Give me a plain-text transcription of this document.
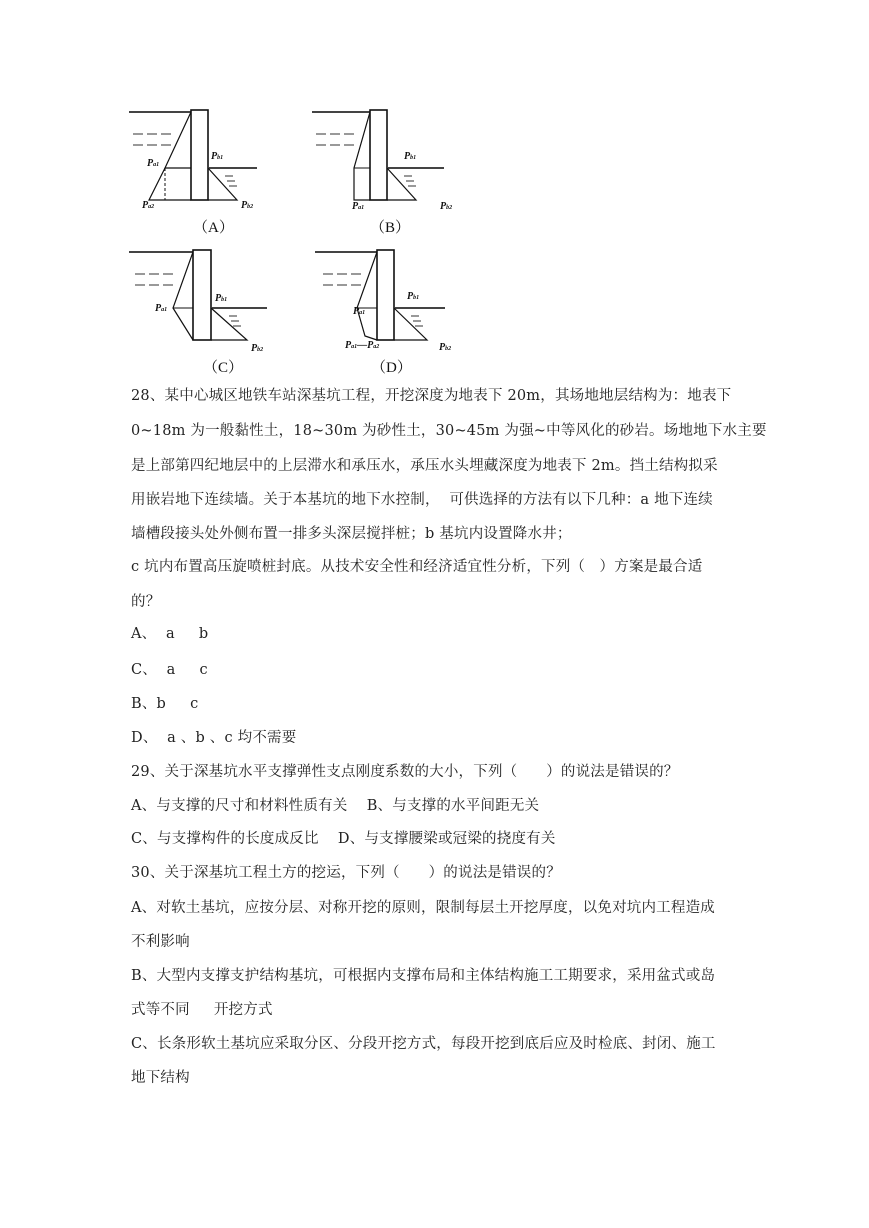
Pa1
Pa2
Pb1
Pb2
（A）
Pa1
Pb1
Pb2
（B）
Pa1
Pb1
Pb2
（C）
Pa1
Pa1—Pa2
Pb1
Pb2
（D）
28、某中心城区地铁车站深基坑工程，开挖深度为地表下 20m，其场地地层结构为：地表下
0~18m 为一般黏性土，18~30m 为砂性土，30~45m 为强~中等风化的砂岩。场地地下水主要
是上部第四纪地层中的上层滞水和承压水，承压水头埋藏深度为地表下 2m。挡土结构拟采
用嵌岩地下连续墙。关于本基坑的地下水控制，  可供选择的方法有以下几种：a 地下连续
墙槽段接头处外侧布置一排多头深层搅拌桩；b 基坑内设置降水井；
c 坑内布置高压旋喷桩封底。从技术安全性和经济适宜性分析，下列（   ）方案是最合适
的？
A、  a     b
C、  a     c
B、b     c
D、  a 、b 、c 均不需要
29、关于深基坑水平支撑弹性支点刚度系数的大小，下列（      ）的说法是错误的？
A、与支撑的尺寸和材料性质有关    B、与支撑的水平间距无关
C、与支撑构件的长度成反比    D、与支撑腰梁或冠梁的挠度有关
30、关于深基坑工程土方的挖运，下列（      ）的说法是错误的？
A、对软土基坑，应按分层、对称开挖的原则，限制每层土开挖厚度，以免对坑内工程造成
不利影响
B、大型内支撑支护结构基坑，可根据内支撑布局和主体结构施工工期要求，采用盆式或岛
式等不同     开挖方式
C、长条形软土基坑应采取分区、分段开挖方式，每段开挖到底后应及时检底、封闭、施工
地下结构
